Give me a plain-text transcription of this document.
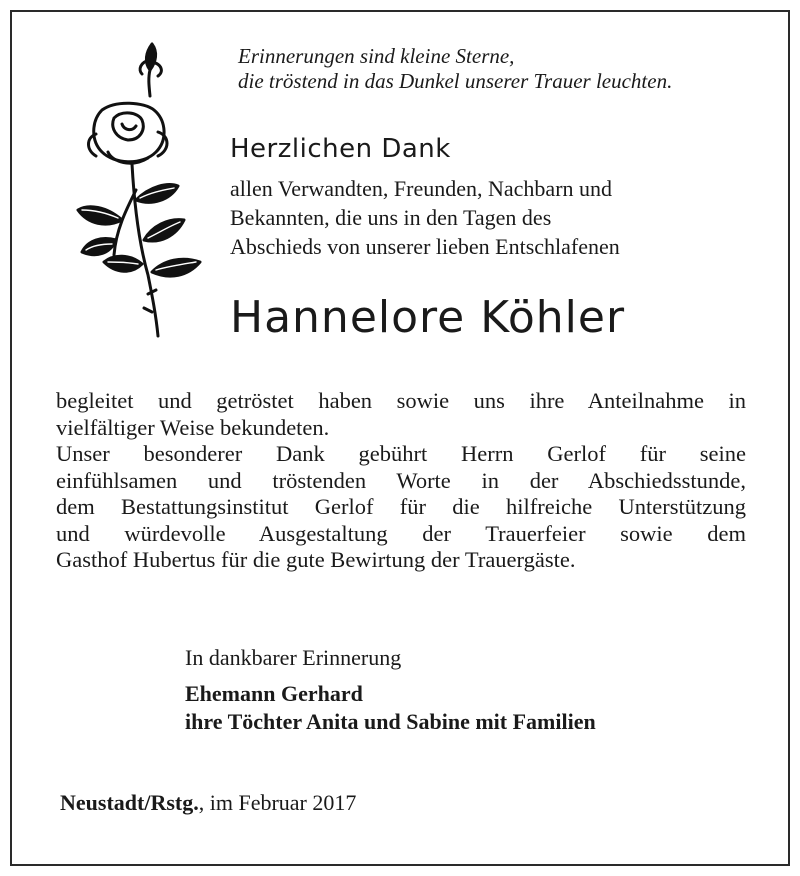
Erinnerungen sind kleine Sterne,
die tröstend in das Dunkel unserer Trauer leuchten.
Herzlichen Dank
allen Verwandten, Freunden, Nachbarn und
Bekannten, die uns in den Tagen des
Abschieds von unserer lieben Entschlafenen
Hannelore Köhler

begleitet und getröstet haben sowie uns ihre Anteilnahme in

vielfältiger Weise bekundeten.

Unser besonderer Dank gebührt Herrn Gerlof für seine

einfühlsamen und tröstenden Worte in der Abschiedsstunde,

dem Bestattungsinstitut Gerlof für die hilfreiche Unterstützung

und würdevolle Ausgestaltung der Trauerfeier sowie dem

Gasthof Hubertus für die gute Bewirtung der Trauergäste.

In dankbarer Erinnerung
Ehemann Gerhard
ihre Töchter Anita und Sabine mit Familien
Neustadt/Rstg., im Februar 2017
